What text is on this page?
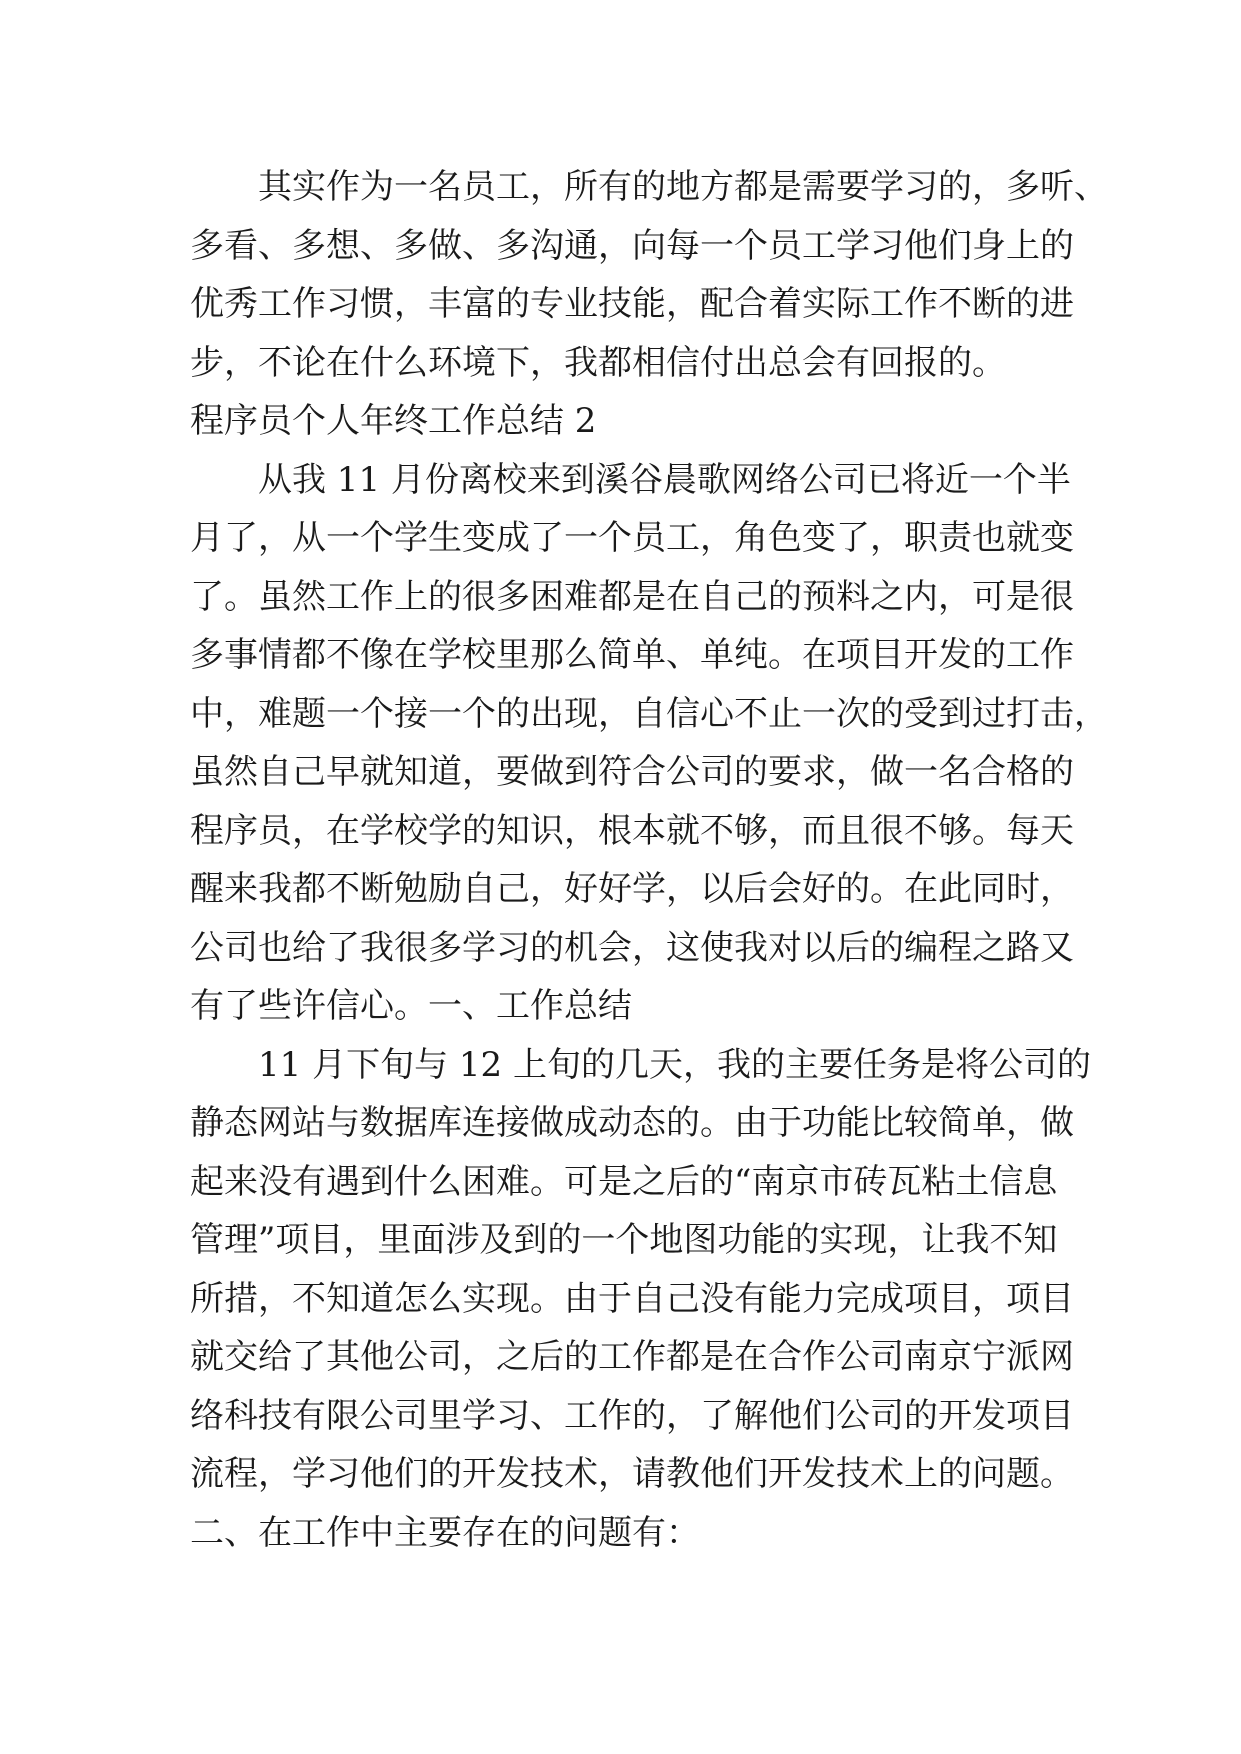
其实作为一名员工，所有的地方都是需要学习的，多听、
多看、多想、多做、多沟通，向每一个员工学习他们身上的
优秀工作习惯，丰富的专业技能，配合着实际工作不断的进
步，不论在什么环境下，我都相信付出总会有回报的。
程序员个人年终工作总结 2
从我 11 月份离校来到溪谷晨歌网络公司已将近一个半
月了，从一个学生变成了一个员工，角色变了，职责也就变
了。虽然工作上的很多困难都是在自己的预料之内，可是很
多事情都不像在学校里那么简单、单纯。在项目开发的工作
中，难题一个接一个的出现，自信心不止一次的受到过打击，
虽然自己早就知道，要做到符合公司的要求，做一名合格的
程序员，在学校学的知识，根本就不够，而且很不够。每天
醒来我都不断勉励自己，好好学，以后会好的。在此同时，
公司也给了我很多学习的机会，这使我对以后的编程之路又
有了些许信心。一、工作总结
11 月下旬与 12 上旬的几天，我的主要任务是将公司的
静态网站与数据库连接做成动态的。由于功能比较简单，做
起来没有遇到什么困难。可是之后的“南京市砖瓦粘土信息
管理”项目，里面涉及到的一个地图功能的实现，让我不知
所措，不知道怎么实现。由于自己没有能力完成项目，项目
就交给了其他公司，之后的工作都是在合作公司南京宁派网
络科技有限公司里学习、工作的，了解他们公司的开发项目
流程，学习他们的开发技术，请教他们开发技术上的问题。
二、在工作中主要存在的问题有：
